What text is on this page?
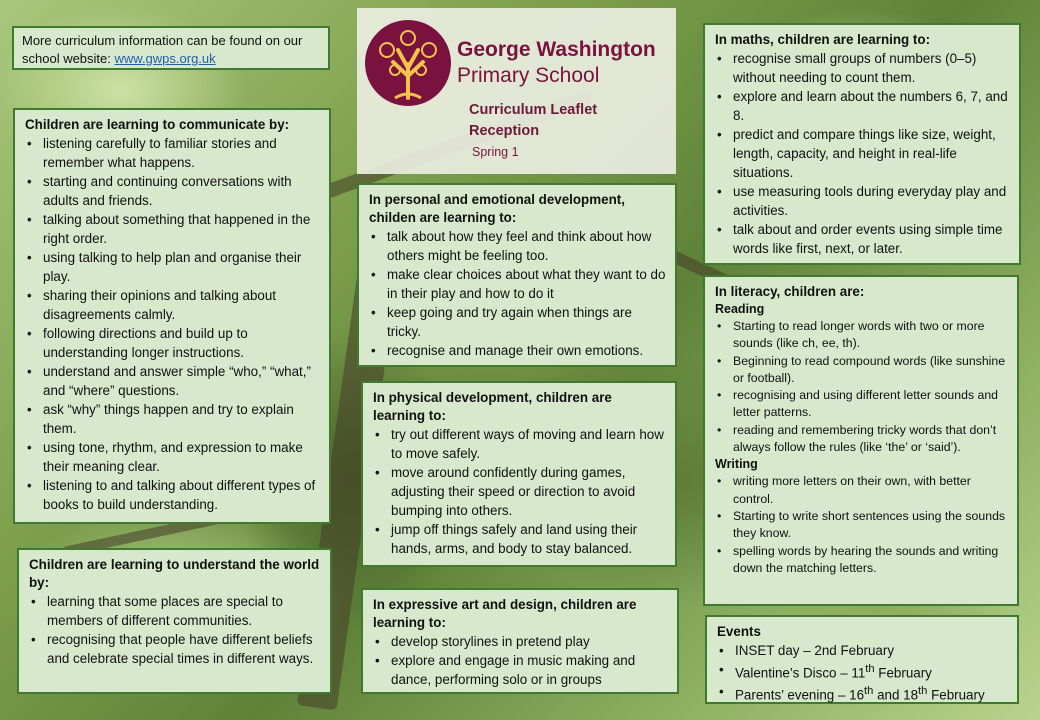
More curriculum information can be found on our school website: www.gwps.org.uk	George Washington
Primary School
Curriculum Leaflet
Reception
Spring 1
Children are learning to communicate by:
• listening carefully to familiar stories and remember what happens.
• starting and continuing conversations with adults and friends.
• talking about something that happened in the right order.
• using talking to help plan and organise their play.
• sharing their opinions and talking about disagreements calmly.
• following directions and build up to understanding longer instructions.
• understand and answer simple “who,” “what,” and “where” questions.
• ask “why” things happen and try to explain them.
• using tone, rhythm, and expression to make their meaning clear.
• listening to and talking about different types of books to build understanding.
Children are learning to understand the world by:
• learning that some places are special to members of different communities.
• recognising that people have different beliefs and celebrate special times in different ways.
In personal and emotional development, childen are learning to:
• talk about how they feel and think about how others might be feeling too.
• make clear choices about what they want to do in their play and how to do it
• keep going and try again when things are tricky.
• recognise and manage their own emotions.
In physical development, children are learning to:
• try out different ways of moving and learn how to move safely.
• move around confidently during games, adjusting their speed or direction to avoid bumping into others.
• jump off things safely and land using their hands, arms, and body to stay balanced.
In expressive art and design, children are learning to:
• develop storylines in pretend play
• explore and engage in music making and dance, performing solo or in groups
In maths, children are learning to:
• recognise small groups of numbers (0–5) without needing to count them.
• explore and learn about the numbers 6, 7, and 8.
• predict and compare things like size, weight, length, capacity, and height in real-life situations.
• use measuring tools during everyday play and activities.
• talk about and order events using simple time words like first, next, or later.
In literacy, children are:
Reading
• Starting to read longer words with two or more sounds (like ch, ee, th).
• Beginning to read compound words (like sunshine or football).
• recognising and using different letter sounds and letter patterns.
• reading and remembering tricky words that don’t always follow the rules (like ‘the’ or ‘said’).
Writing
• writing more letters on their own, with better control.
• Starting to write short sentences using the sounds they know.
• spelling words by hearing the sounds and writing down the matching letters.
Events
• INSET day – 2nd February
• Valentine’s Disco – 11th February
• Parents’ evening – 16th and 18th February
